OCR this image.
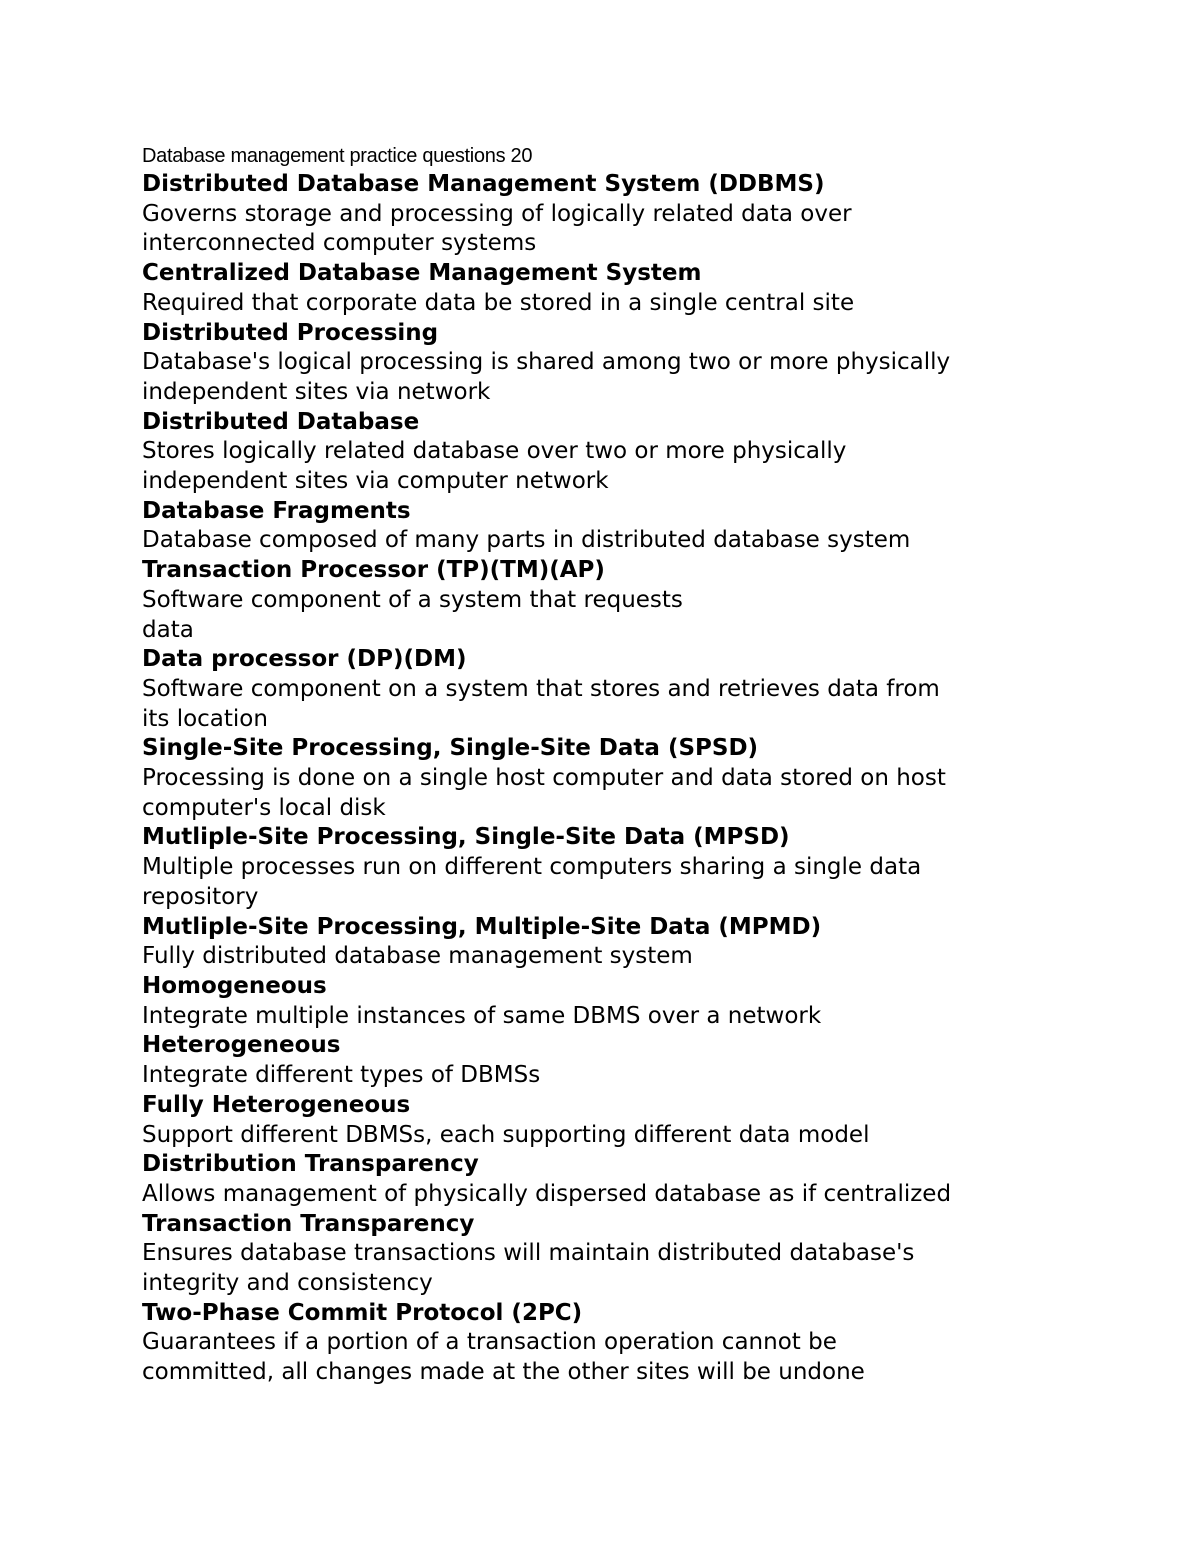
Database management practice questions 20

Distributed Database Management System (DDBMS)

Governs storage and processing of logically related data over

interconnected computer systems

Centralized Database Management System

Required that corporate data be stored in a single central site

Distributed Processing

Database's logical processing is shared among two or more physically

independent sites via network

Distributed Database

Stores logically related database over two or more physically

independent sites via computer network

Database Fragments

Database composed of many parts in distributed database system

Transaction Processor (TP)(TM)(AP)

Software component of a system that requests

data

Data processor (DP)(DM)

Software component on a system that stores and retrieves data from

its location

Single-Site Processing, Single-Site Data (SPSD)

Processing is done on a single host computer and data stored on host

computer's local disk

Mutliple-Site Processing, Single-Site Data (MPSD)

Multiple processes run on different computers sharing a single data

repository

Mutliple-Site Processing, Multiple-Site Data (MPMD)

Fully distributed database management system

Homogeneous

Integrate multiple instances of same DBMS over a network

Heterogeneous

Integrate different types of DBMSs

Fully Heterogeneous

Support different DBMSs, each supporting different data model

Distribution Transparency

Allows management of physically dispersed database as if centralized

Transaction Transparency

Ensures database transactions will maintain distributed database's

integrity and consistency

Two-Phase Commit Protocol (2PC)

Guarantees if a portion of a transaction operation cannot be

committed, all changes made at the other sites will be undone
